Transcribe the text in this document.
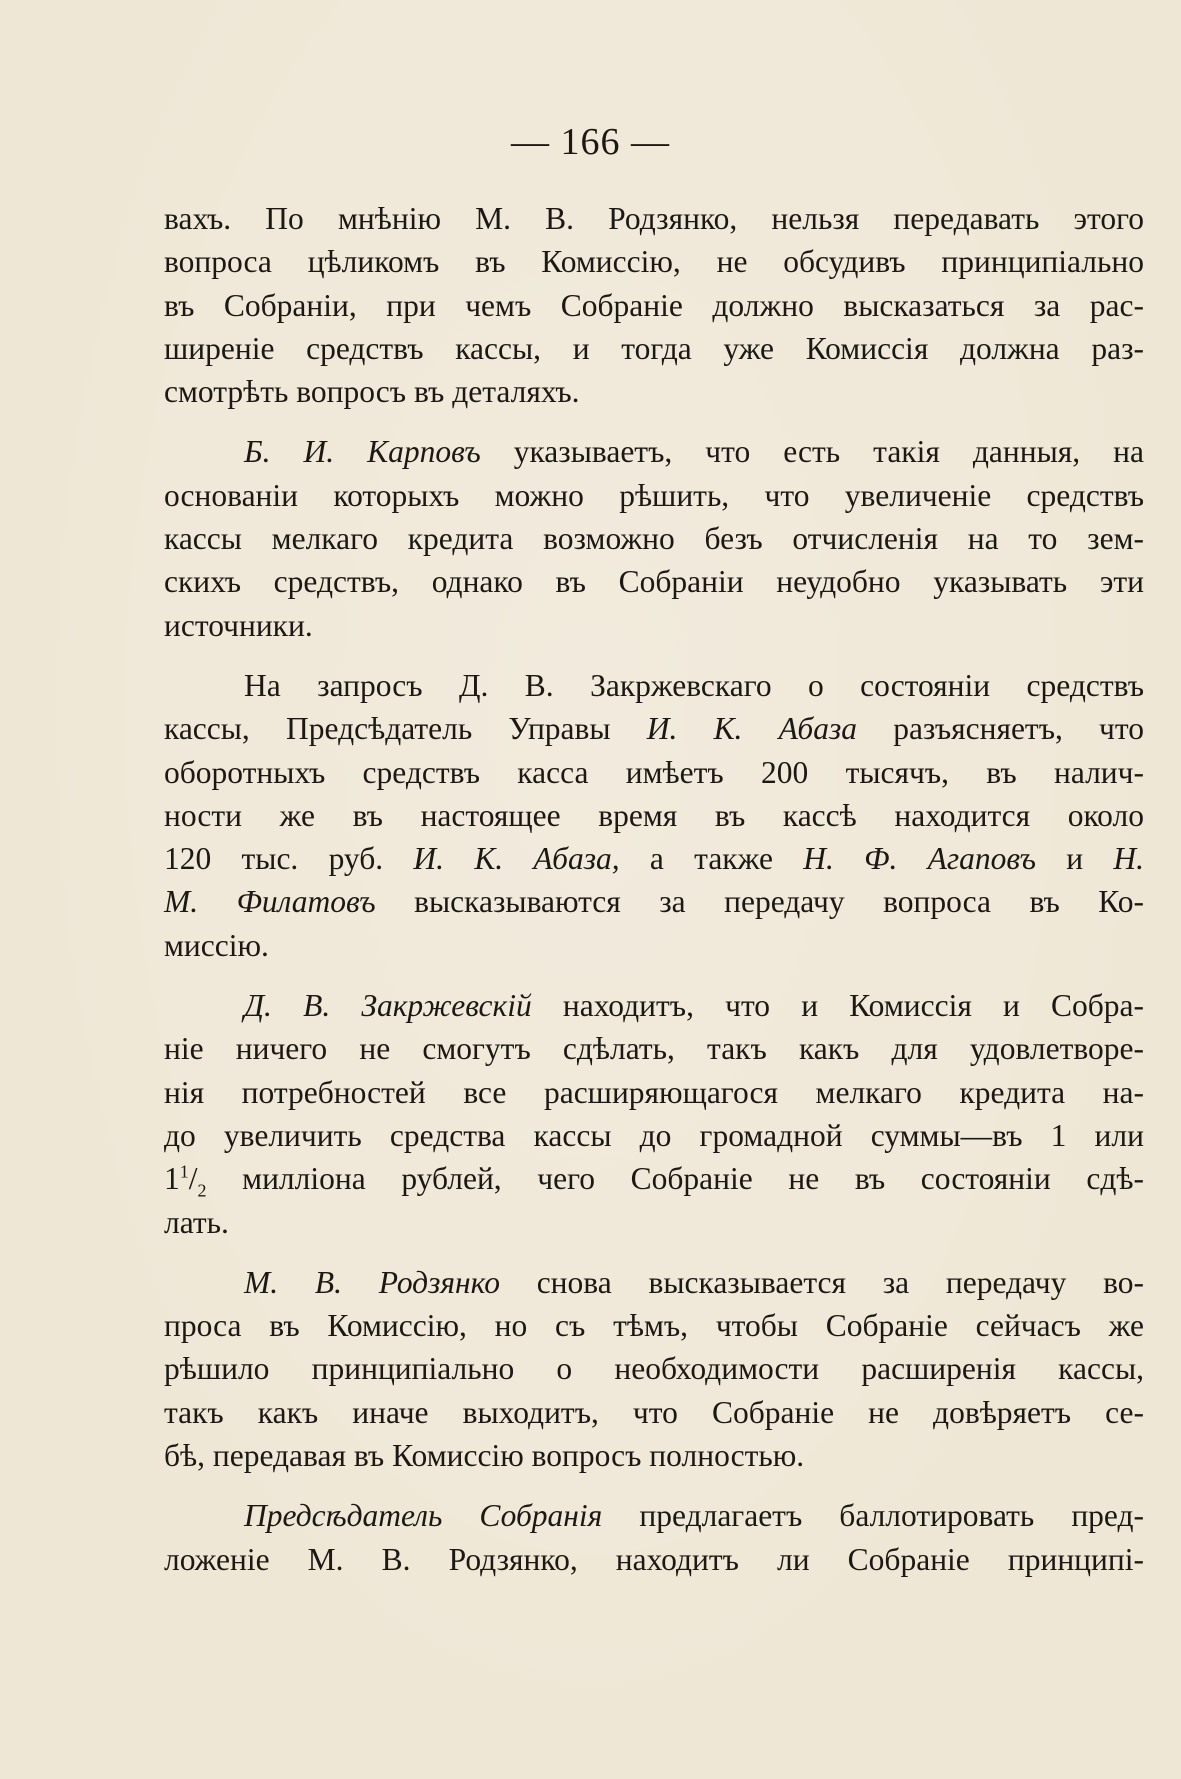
— 166 —
вахъ. По мнѣнію М. В. Родзянко, нельзя передавать этого
вопроса цѣликомъ въ Комиссію, не обсудивъ принципіально
въ Собраніи, при чемъ Собраніе должно высказаться за рас-
ширеніе средствъ кассы, и тогда уже Комиссія должна раз-
смотрѣть вопросъ въ деталяхъ.
Б. И. Карповъ указываетъ, что есть такія данныя, на
основаніи которыхъ можно рѣшить, что увеличеніе средствъ
кассы мелкаго кредита возможно безъ отчисленія на то зем-
скихъ средствъ, однако въ Собраніи неудобно указывать эти
источники.
На запросъ Д. В. Закржевскаго о состояніи средствъ
кассы, Предсѣдатель Управы И. К. Абаза разъясняетъ, что
оборотныхъ средствъ касса имѣетъ 200 тысячъ, въ налич-
ности же въ настоящее время въ кассѣ находится около
120 тыс. руб. И. К. Абаза, а также Н. Ф. Агаповъ и Н.
М. Филатовъ высказываются за передачу вопроса въ Ко-
миссію.
Д. В. Закржевскій находитъ, что и Комиссія и Собра-
ніе ничего не смогутъ сдѣлать, такъ какъ для удовлетворе-
нія потребностей все расширяющагося мелкаго кредита на-
до увеличить средства кассы до громадной суммы—въ 1 или
$1^1/_2$ милліона рублей, чего Собраніе не въ состояніи сдѣ-
лать.
М. В. Родзянко снова высказывается за передачу во-
проса въ Комиссію, но съ тѣмъ, чтобы Собраніе сейчасъ же
рѣшило принципіально о необходимости расширенія кассы,
такъ какъ иначе выходитъ, что Собраніе не довѣряетъ се-
бѣ, передавая въ Комиссію вопросъ полностью.
Предсѣдатель Собранія предлагаетъ баллотировать пред-
ложеніе М. В. Родзянко, находитъ ли Собраніе принципі-
